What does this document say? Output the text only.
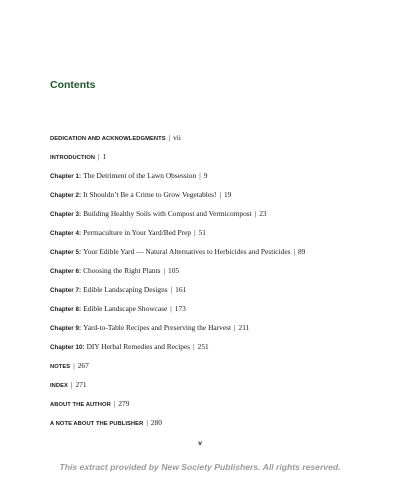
Contents
DEDICATION AND ACKNOWLEDGMENTS | vii
INTRODUCTION | 1
Chapter 1: The Detriment of the Lawn Obsession | 9
Chapter 2: It Shouldn’t Be a Crime to Grow Vegetables! | 19
Chapter 3: Building Healthy Soils with Compost and Vermicompost | 23
Chapter 4: Permaculture in Your Yard/Bed Prep | 51
Chapter 5: Your Edible Yard — Natural Alternatives to Herbicides and Pesticides | 89
Chapter 6: Choosing the Right Plants | 105
Chapter 7: Edible Landscaping Designs | 161
Chapter 8: Edible Landscape Showcase | 173
Chapter 9: Yard-to-Table Recipes and Preserving the Harvest | 211
Chapter 10: DIY Herbal Remedies and Recipes | 251
NOTES | 267
INDEX | 271
ABOUT THE AUTHOR | 279
A NOTE ABOUT THE PUBLISHER | 280
v
This extract provided by New Society Publishers. All rights reserved.
